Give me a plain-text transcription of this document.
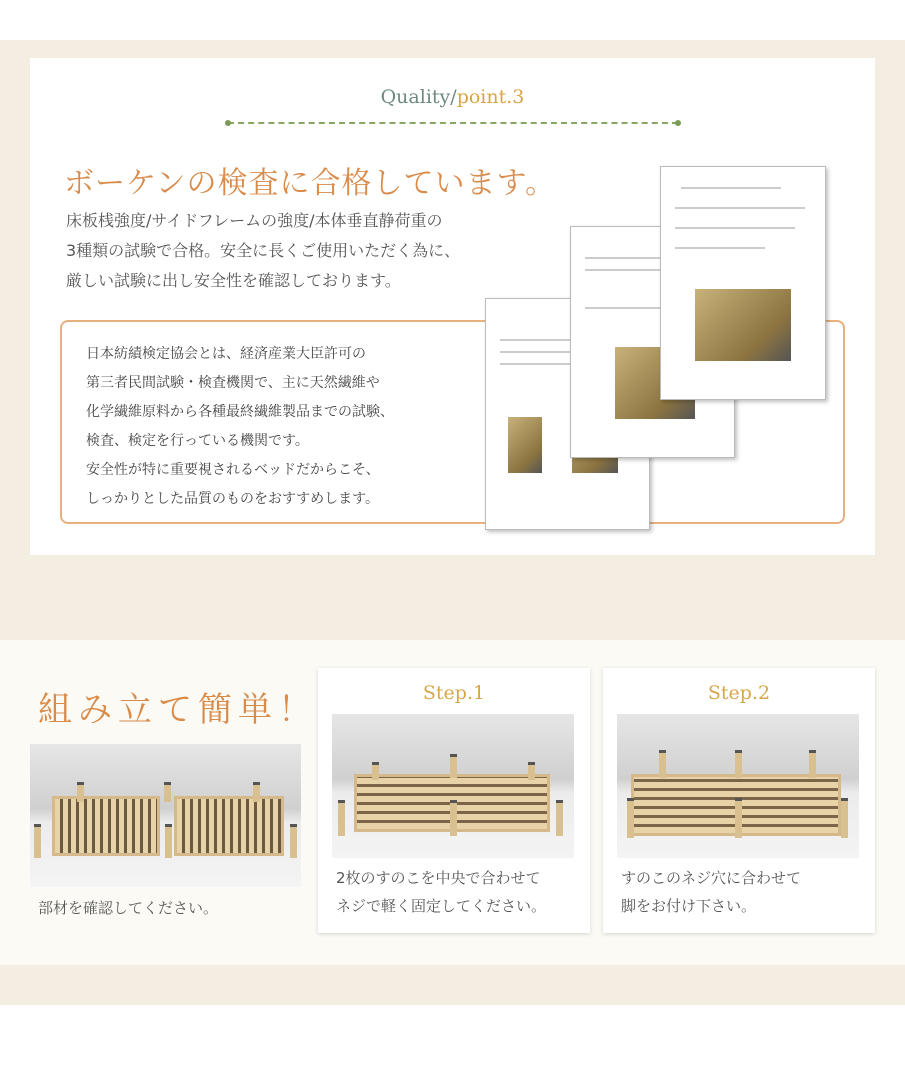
Quality/point.3
ボーケンの検査に合格しています。
床板桟強度/サイドフレームの強度/本体垂直静荷重の
3種類の試験で合格。安全に長くご使用いただく為に、
厳しい試験に出し安全性を確認しております。
日本紡績検定協会とは、経済産業大臣許可の
第三者民間試験・検査機関で、主に天然繊維や
化学繊維原料から各種最終繊維製品までの試験、
検査、検定を行っている機関です。
安全性が特に重要視されるベッドだからこそ、
しっかりとした品質のものをおすすめします。
組み立て簡単！
部材を確認してください。
Step.1
2枚のすのこを中央で合わせて
ネジで軽く固定してください。
Step.2
すのこのネジ穴に合わせて
脚をお付け下さい。
